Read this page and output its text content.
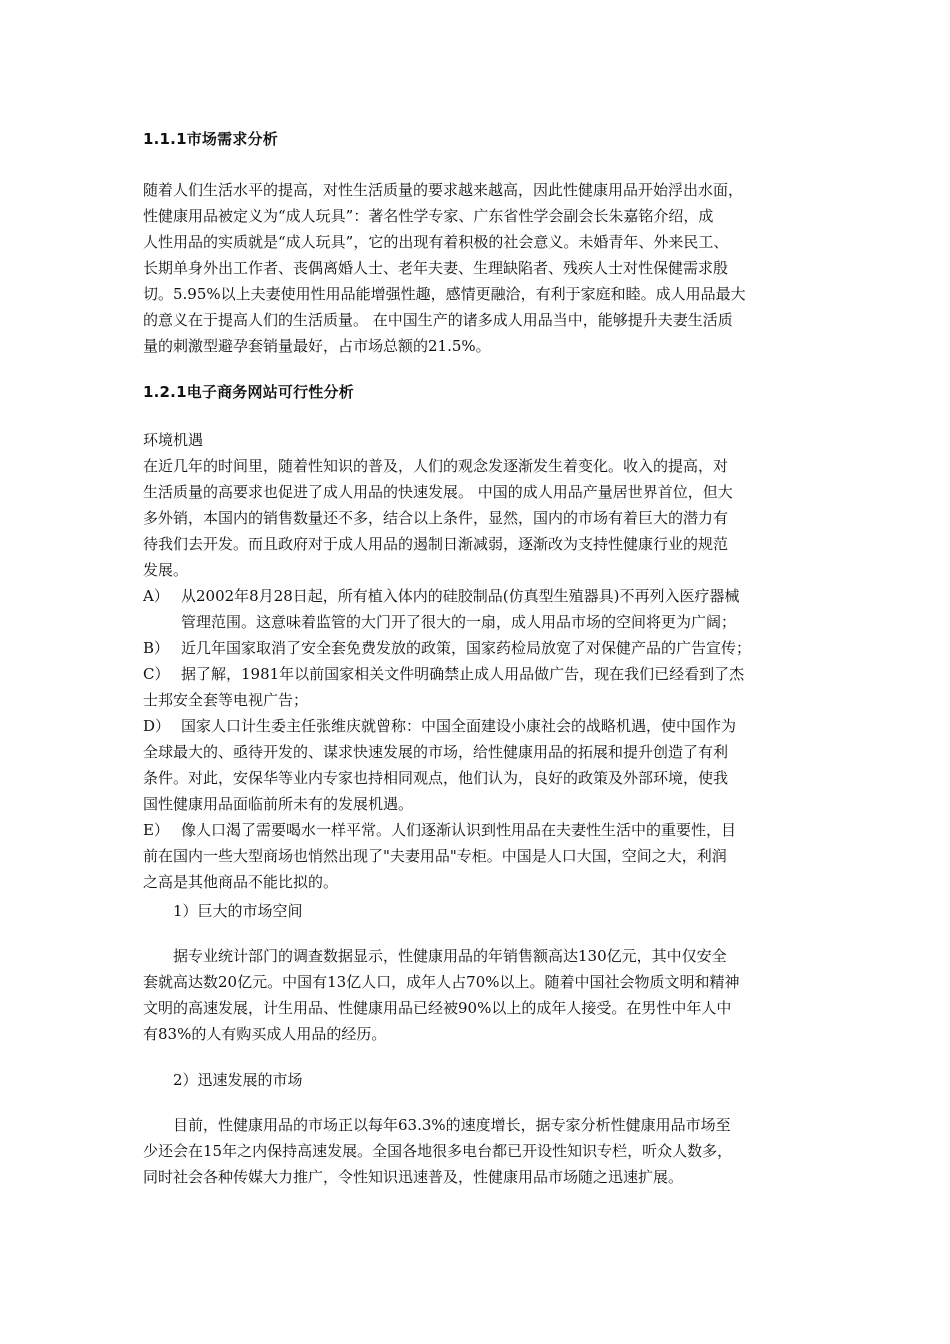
1.1.1市场需求分析
随着人们生活水平的提高，对性生活质量的要求越来越高，因此性健康用品开始浮出水面，
性健康用品被定义为“成人玩具”：著名性学专家、广东省性学会副会长朱嘉铭介绍，成
人性用品的实质就是“成人玩具”，它的出现有着积极的社会意义。未婚青年、外来民工、
长期单身外出工作者、丧偶离婚人士、老年夫妻、生理缺陷者、残疾人士对性保健需求殷
切。5.95%以上夫妻使用性用品能增强性趣，感情更融洽，有利于家庭和睦。成人用品最大
的意义在于提高人们的生活质量。 在中国生产的诸多成人用品当中，能够提升夫妻生活质
量的刺激型避孕套销量最好，占市场总额的21.5%。
1.2.1电子商务网站可行性分析
环境机遇
在近几年的时间里，随着性知识的普及，人们的观念发逐渐发生着变化。收入的提高，对
生活质量的高要求也促进了成人用品的快速发展。 中国的成人用品产量居世界首位，但大
多外销，本国内的销售数量还不多，结合以上条件，显然，国内的市场有着巨大的潜力有
待我们去开发。而且政府对于成人用品的遏制日渐减弱，逐渐改为支持性健康行业的规范
发展。
A） 从2002年8月28日起，所有植入体内的硅胶制品(仿真型生殖器具)不再列入医疗器械
管理范围。这意味着监管的大门开了很大的一扇，成人用品市场的空间将更为广阔；
B） 近几年国家取消了安全套免费发放的政策，国家药检局放宽了对保健产品的广告宣传；
C） 据了解，1981年以前国家相关文件明确禁止成人用品做广告，现在我们已经看到了杰
士邦安全套等电视广告；
D） 国家人口计生委主任张维庆就曾称：中国全面建设小康社会的战略机遇，使中国作为
全球最大的、亟待开发的、谋求快速发展的市场，给性健康用品的拓展和提升创造了有利
条件。对此，安保华等业内专家也持相同观点，他们认为，良好的政策及外部环境，使我
国性健康用品面临前所未有的发展机遇。
E） 像人口渴了需要喝水一样平常。人们逐渐认识到性用品在夫妻性生活中的重要性，目
前在国内一些大型商场也悄然出现了"夫妻用品"专柜。中国是人口大国，空间之大，利润
之高是其他商品不能比拟的。
1）巨大的市场空间
据专业统计部门的调查数据显示，性健康用品的年销售额高达130亿元，其中仅安全
套就高达数20亿元。中国有13亿人口，成年人占70%以上。随着中国社会物质文明和精神
文明的高速发展，计生用品、性健康用品已经被90%以上的成年人接受。在男性中年人中
有83%的人有购买成人用品的经历。
2）迅速发展的市场
目前，性健康用品的市场正以每年63.3%的速度增长，据专家分析性健康用品市场至
少还会在15年之内保持高速发展。全国各地很多电台都已开设性知识专栏，听众人数多，
同时社会各种传媒大力推广，令性知识迅速普及，性健康用品市场随之迅速扩展。
